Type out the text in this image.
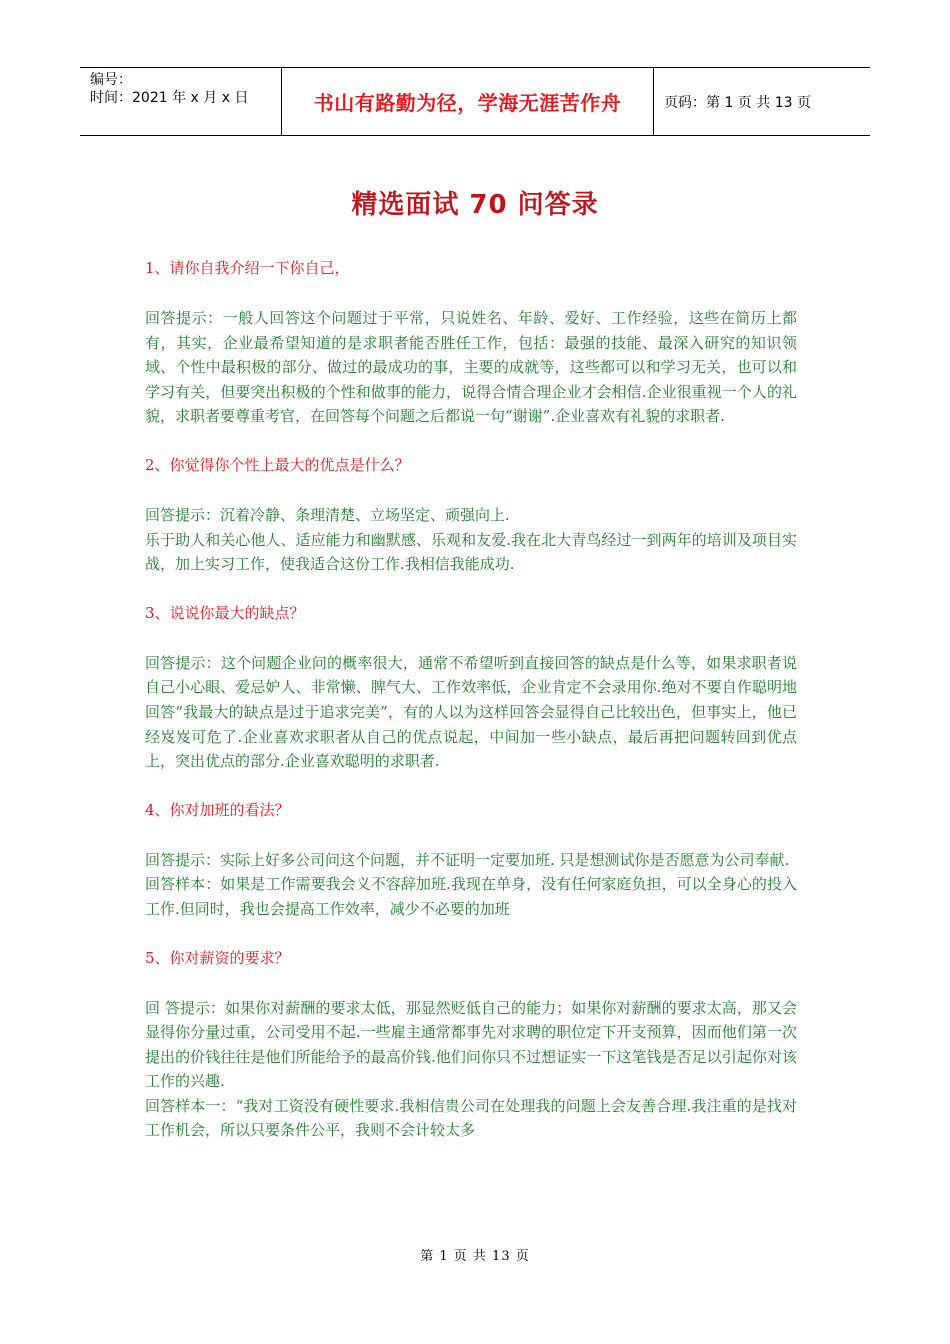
编号：
时间：2021 年 x 月 x 日	书山有路勤为径，学海无涯苦作舟	页码：第 1 页 共 13 页
精选面试 70 问答录

1、请你自我介绍一下你自己，

回答提示：一般人回答这个问题过于平常，只说姓名、年龄、爱好、工作经验，这些在简历上都有，其实，企业最希望知道的是求职者能否胜任工作，包括：最强的技能、最深入研究的知识领域、个性中最积极的部分、做过的最成功的事，主要的成就等，这些都可以和学习无关，也可以和学习有关，但要突出积极的个性和做事的能力，说得合情合理企业才会相信.企业很重视一个人的礼貌，求职者要尊重考官，在回答每个问题之后都说一句“谢谢”.企业喜欢有礼貌的求职者.

2、你觉得你个性上最大的优点是什么？

回答提示：沉着冷静、条理清楚、立场坚定、顽强向上.

乐于助人和关心他人、适应能力和幽默感、乐观和友爱.我在北大青鸟经过一到两年的培训及项目实战，加上实习工作，使我适合这份工作.我相信我能成功.

3、说说你最大的缺点？

回答提示：这个问题企业问的概率很大，通常不希望听到直接回答的缺点是什么等，如果求职者说自己小心眼、爱忌妒人、非常懒、脾气大、工作效率低，企业肯定不会录用你.绝对不要自作聪明地回答“我最大的缺点是过于追求完美”，有的人以为这样回答会显得自己比较出色，但事实上，他已经岌岌可危了.企业喜欢求职者从自己的优点说起，中间加一些小缺点，最后再把问题转回到优点上，突出优点的部分.企业喜欢聪明的求职者.

4、你对加班的看法？

回答提示：实际上好多公司问这个问题，并不证明一定要加班. 只是想测试你是否愿意为公司奉献.

回答样本：如果是工作需要我会义不容辞加班.我现在单身，没有任何家庭负担，可以全身心的投入工作.但同时，我也会提高工作效率，减少不必要的加班

5、你对薪资的要求？

回 答提示：如果你对薪酬的要求太低，那显然贬低自己的能力；如果你对薪酬的要求太高，那又会显得你分量过重，公司受用不起.一些雇主通常都事先对求聘的职位定下开支预算，因而他们第一次提出的价钱往往是他们所能给予的最高价钱.他们问你只不过想证实一下这笔钱是否足以引起你对该工作的兴趣.

回答样本一：“我对工资没有硬性要求.我相信贵公司在处理我的问题上会友善合理.我注重的是找对工作机会，所以只要条件公平，我则不会计较太多

第 1 页 共 13 页
